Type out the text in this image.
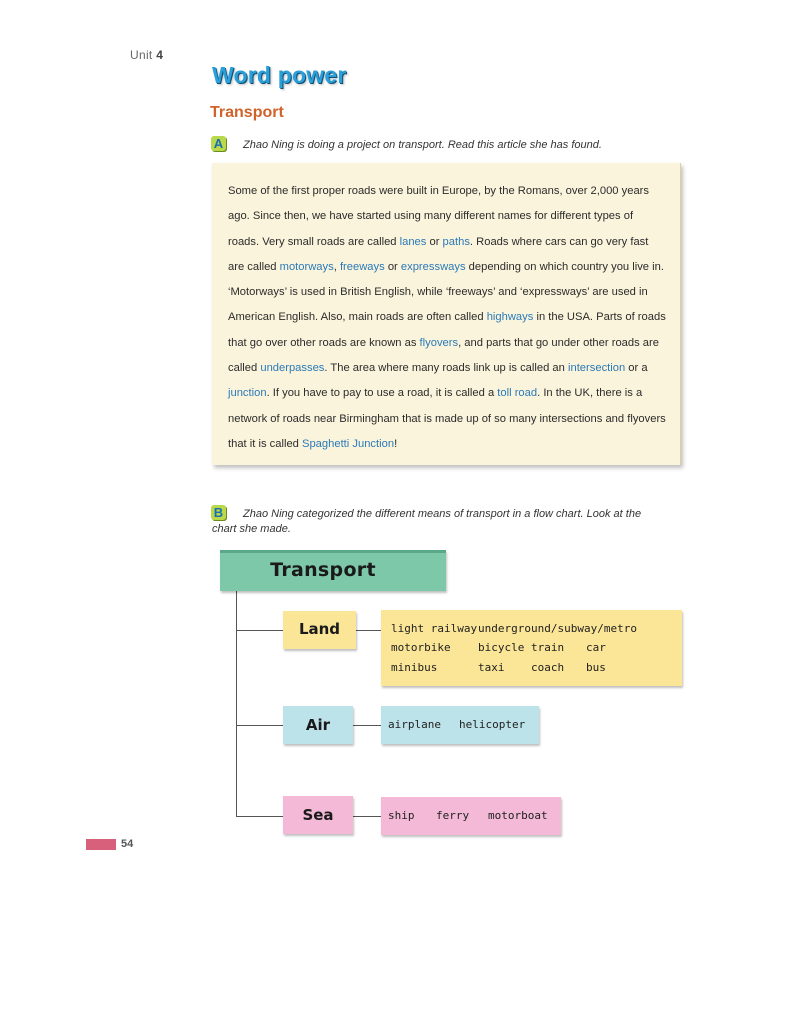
Unit 4
Word power
Transport
A Zhao Ning is doing a project on transport. Read this article she has found.

Some of the first proper roads were built in Europe, by the Romans, over 2,000 years ago. Since then, we have started using many different names for different types of roads. Very small roads are called lanes or paths. Roads where cars can go very fast are called motorways, freeways or expressways depending on which country you live in. ‘Motorways’ is used in British English, while ‘freeways’ and ‘expressways’ are used in American English. Also, main roads are often called highways in the USA. Parts of roads that go over other roads are known as flyovers, and parts that go under other roads are called underpasses. The area where many roads link up is called an intersection or a junction. If you have to pay to use a road, it is called a toll road. In the UK, there is a network of roads near Birmingham that is made up of so many intersections and flyovers that it is called Spaghetti Junction!

B Zhao Ning categorized the different means of transport in a flow chart. Look at the
chart she made.
Transport
Land	light railway underground/subway/metro
motorbike bicycle train car
minibus	taxi coach bus
Air	airplane helicopter
Sea	ship ferry motorboat
54
